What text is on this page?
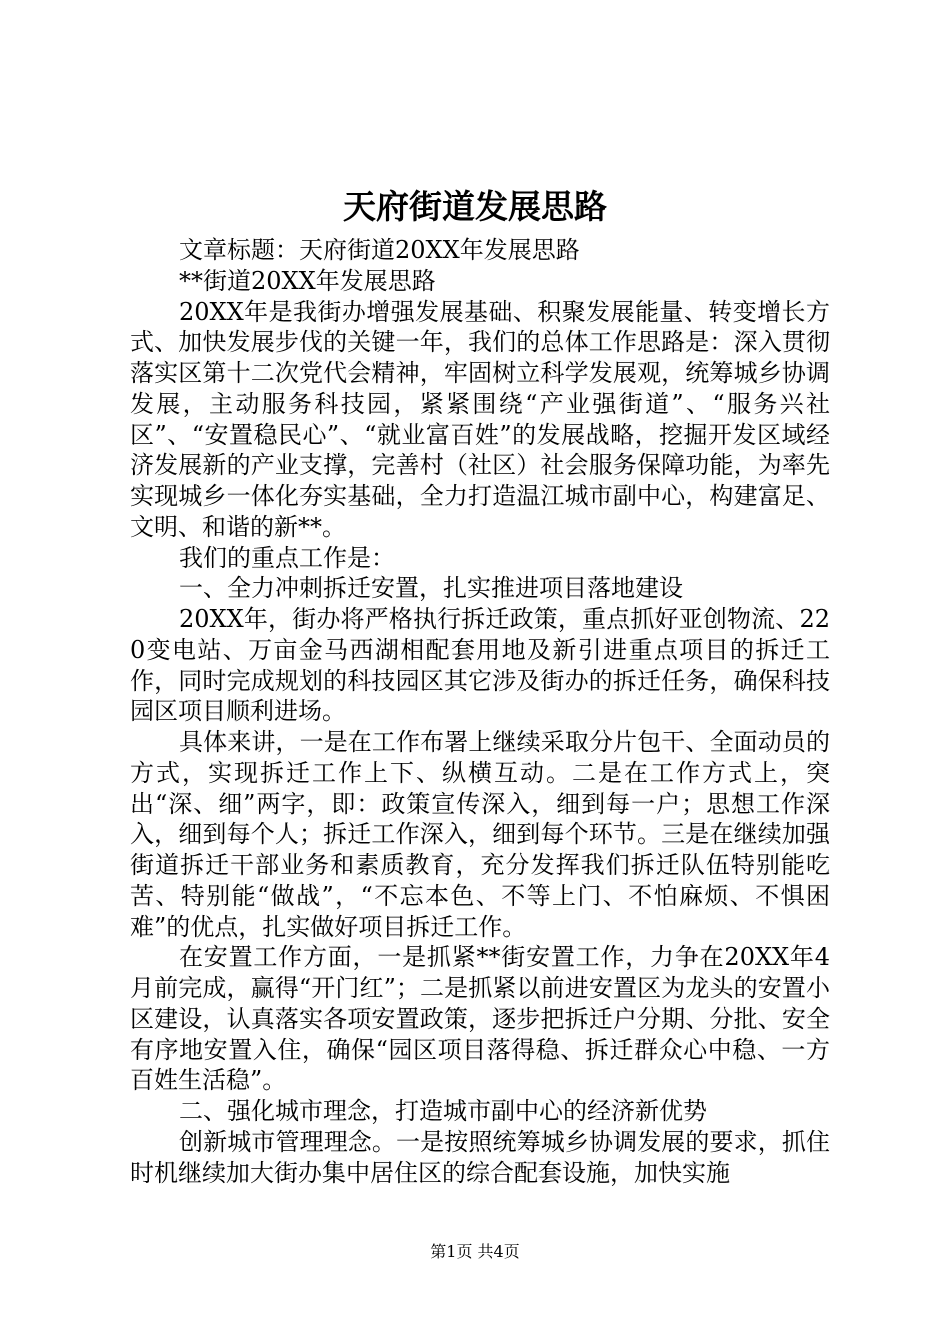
天府街道发展思路

文章标题：天府街道20XX年发展思路

**街道20XX年发展思路

20XX年是我街办增强发展基础、积聚发展能量、转变增长方式、加快发展步伐的关键一年，我们的总体工作思路是：深入贯彻落实区第十二次党代会精神，牢固树立科学发展观，统筹城乡协调发展，主动服务科技园，紧紧围绕“产业强街道”、“服务兴社区”、“安置稳民心”、“就业富百姓”的发展战略，挖掘开发区域经济发展新的产业支撑，完善村（社区）社会服务保障功能，为率先实现城乡一体化夯实基础，全力打造温江城市副中心，构建富足、文明、和谐的新**。

我们的重点工作是：

一、全力冲刺拆迁安置，扎实推进项目落地建设

20XX年，街办将严格执行拆迁政策，重点抓好亚创物流、220变电站、万亩金马西湖相配套用地及新引进重点项目的拆迁工作，同时完成规划的科技园区其它涉及街办的拆迁任务，确保科技园区项目顺利进场。

具体来讲，一是在工作布署上继续采取分片包干、全面动员的方式，实现拆迁工作上下、纵横互动。二是在工作方式上，突出“深、细”两字，即：政策宣传深入，细到每一户；思想工作深入，细到每个人；拆迁工作深入，细到每个环节。三是在继续加强街道拆迁干部业务和素质教育，充分发挥我们拆迁队伍特别能吃苦、特别能“做战”，“不忘本色、不等上门、不怕麻烦、不惧困难”的优点，扎实做好项目拆迁工作。

在安置工作方面，一是抓紧**街安置工作，力争在20XX年4月前完成，赢得“开门红”；二是抓紧以前进安置区为龙头的安置小区建设，认真落实各项安置政策，逐步把拆迁户分期、分批、安全有序地安置入住，确保“园区项目落得稳、拆迁群众心中稳、一方百姓生活稳”。

二、强化城市理念，打造城市副中心的经济新优势

创新城市管理理念。一是按照统筹城乡协调发展的要求，抓住时机继续加大街办集中居住区的综合配套设施，加快实施

第1页 共4页
